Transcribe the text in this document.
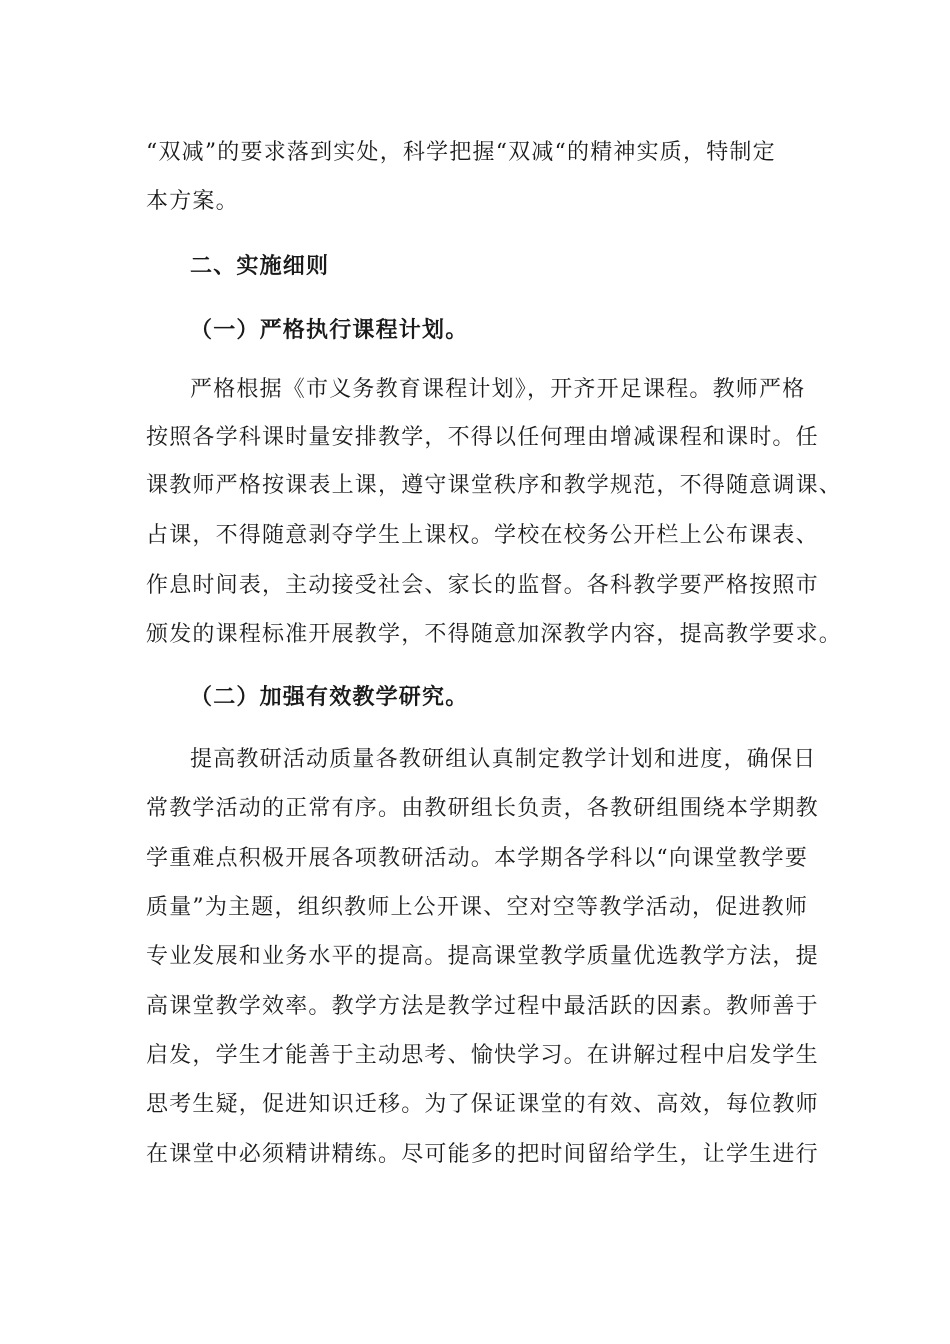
“双减”的要求落到实处，科学把握“双减“的精神实质，特制定
本方案。
二、实施细则
（一）严格执行课程计划。
严格根据《市义务教育课程计划》，开齐开足课程。教师严格
按照各学科课时量安排教学，不得以任何理由增减课程和课时。任
课教师严格按课表上课，遵守课堂秩序和教学规范，不得随意调课、
占课，不得随意剥夺学生上课权。学校在校务公开栏上公布课表、
作息时间表，主动接受社会、家长的监督。各科教学要严格按照市
颁发的课程标准开展教学，不得随意加深教学内容，提高教学要求。
（二）加强有效教学研究。
提高教研活动质量各教研组认真制定教学计划和进度，确保日
常教学活动的正常有序。由教研组长负责，各教研组围绕本学期教
学重难点积极开展各项教研活动。本学期各学科以“向课堂教学要
质量”为主题，组织教师上公开课、空对空等教学活动，促进教师
专业发展和业务水平的提高。提高课堂教学质量优选教学方法，提
高课堂教学效率。教学方法是教学过程中最活跃的因素。教师善于
启发，学生才能善于主动思考、愉快学习。在讲解过程中启发学生
思考生疑，促进知识迁移。为了保证课堂的有效、高效，每位教师
在课堂中必须精讲精练。尽可能多的把时间留给学生，让学生进行
